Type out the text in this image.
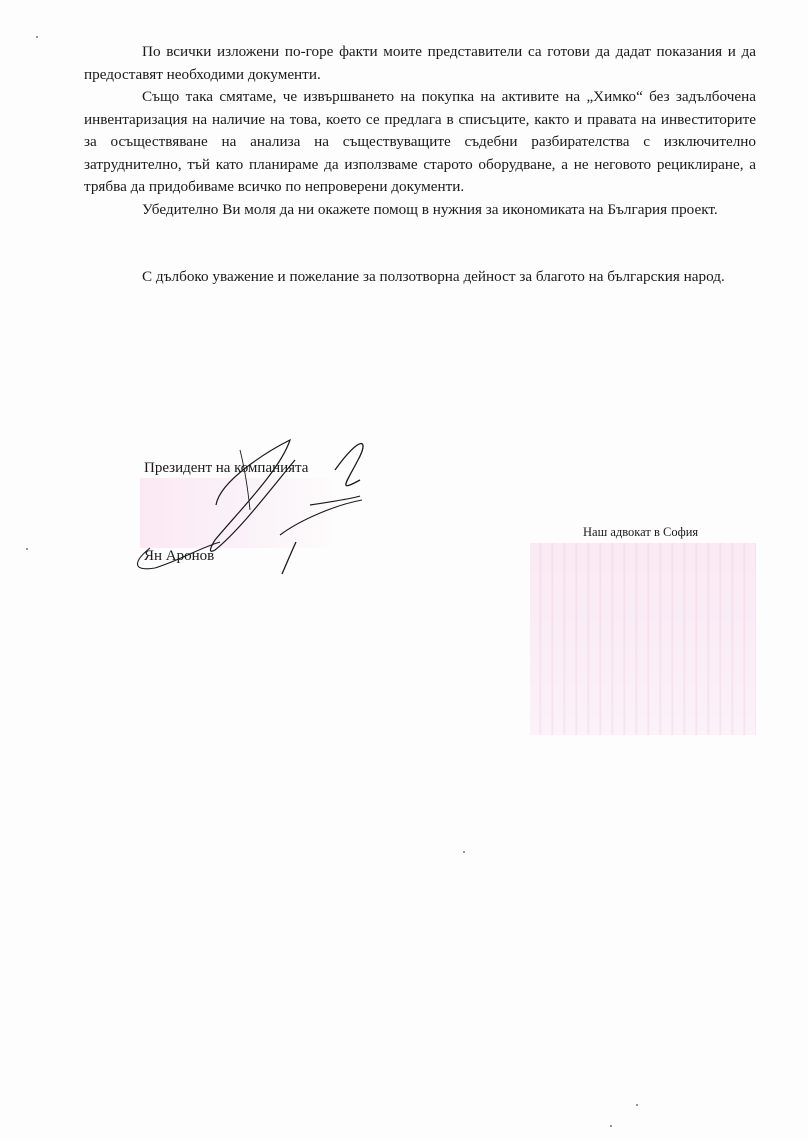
По всички изложени по-горе факти моите представители са готови да дадат показания и да предоставят необходими документи.

Също така смятаме, че извършването на покупка на активите на „Химко“ без задълбочена инвентаризация на наличие на това, което се предлага в списъците, както и правата на инвеститорите за осъществяване на анализа на съществуващите съдебни разбирателства с изключително затруднително, тъй като планираме да използваме старото оборудване, а не неговото рециклиране, а трябва да придобиваме всичко по непроверени документи.

Убедително Ви моля да ни окажете помощ в нужния за икономиката на България проект.

С дълбоко уважение и пожелание за ползотворна дейност за благото на българския народ.

Президент на компанията
Ян Аронов
Наш адвокат в София
